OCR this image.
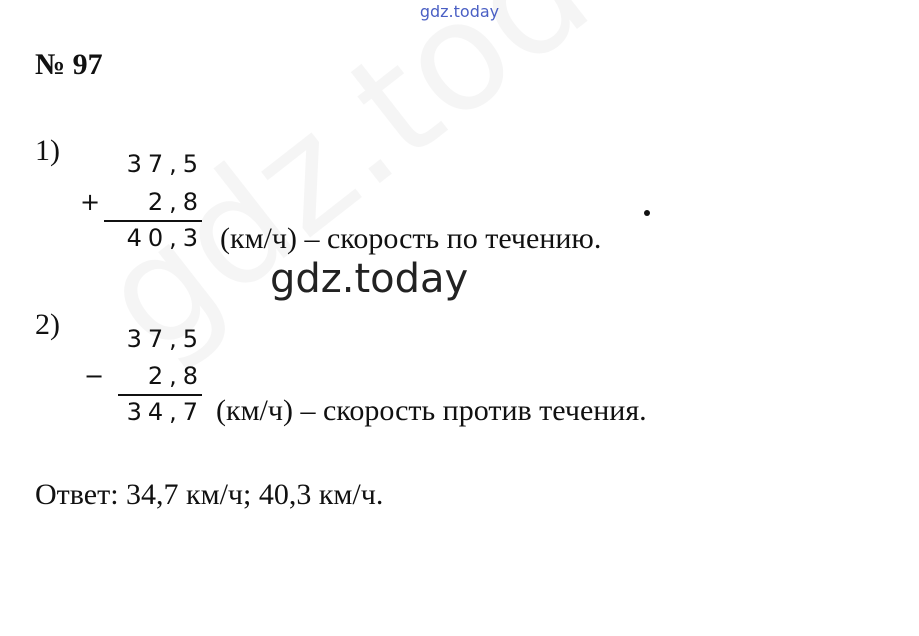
gdz.today
№ 97
1)	37,5
+	2,8
40,3 (км/ч) – скорость по течению.
gdz.today
2)	37,5
−	2,8
34,7 (км/ч) – скорость против течения.
Ответ: 34,7 км/ч; 40,3 км/ч.
